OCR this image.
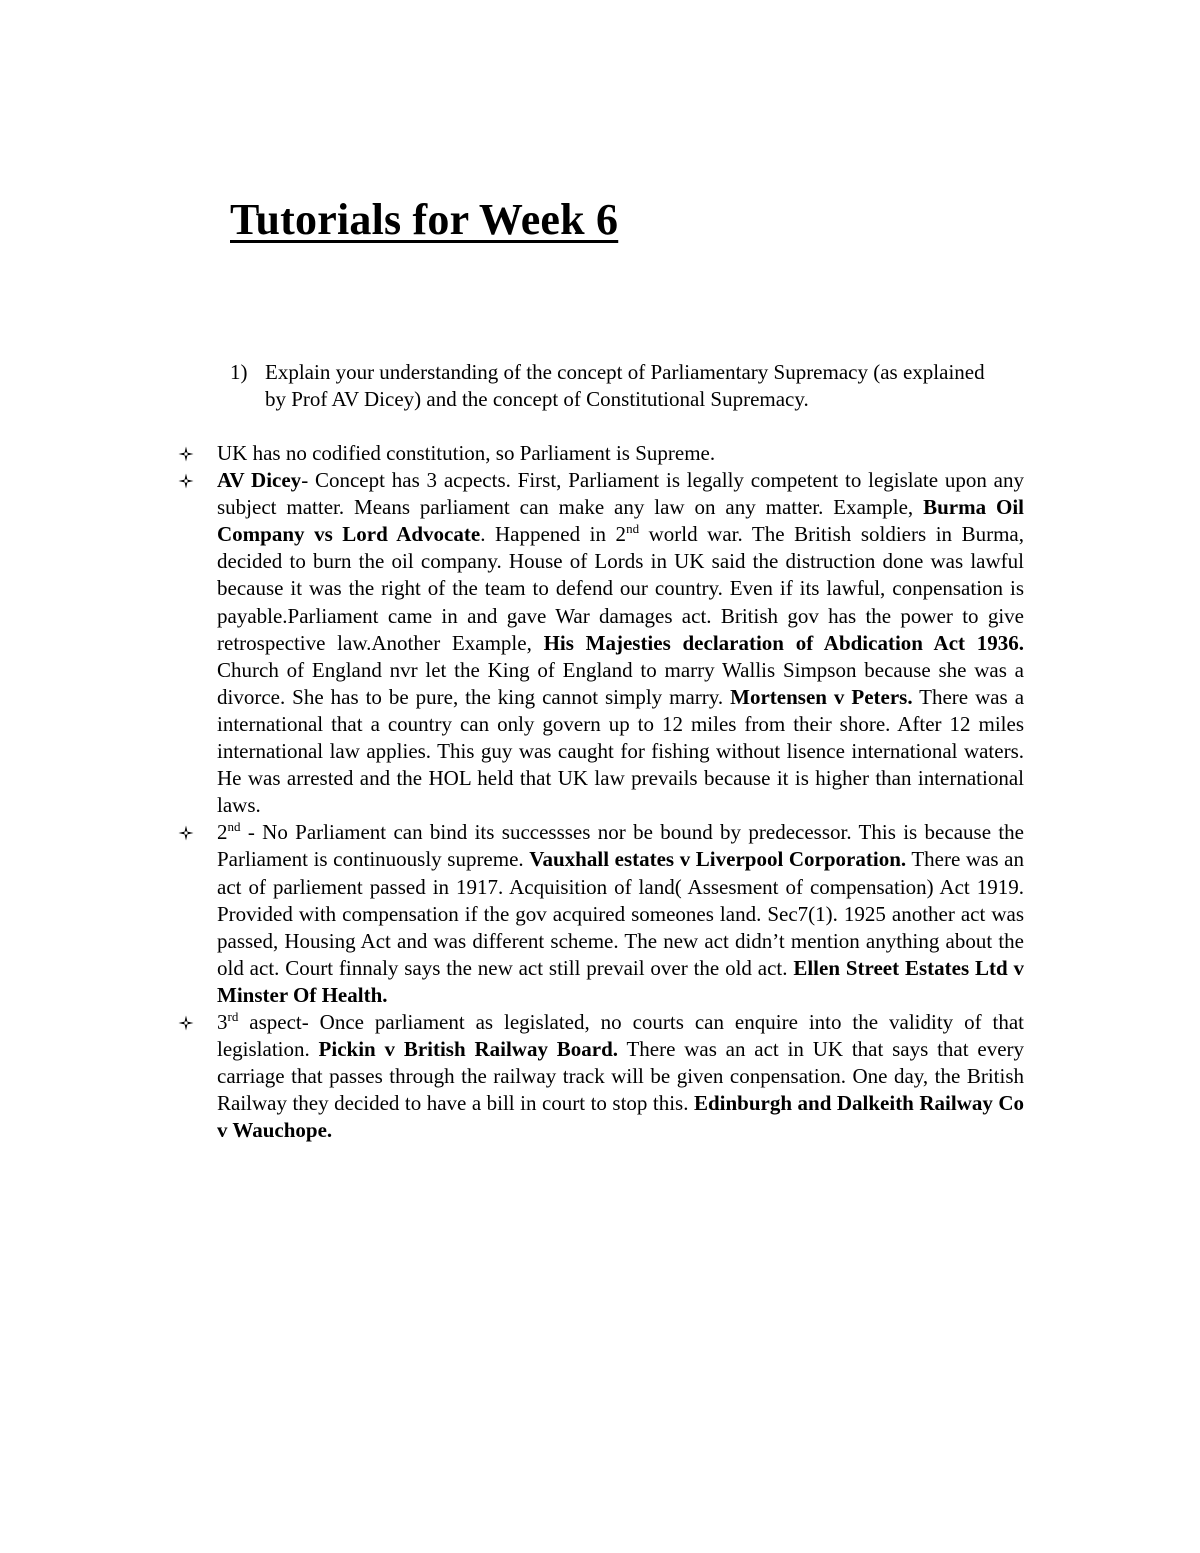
Tutorials for Week 6
1) Explain your understanding of the concept of Parliamentary Supremacy (as explained by Prof AV Dicey) and the concept of Constitutional Supremacy.
UK has no codified constitution, so Parliament is Supreme.
AV Dicey- Concept has 3 acpects. First, Parliament is legally competent to legislate upon any subject matter. Means parliament can make any law on any matter. Example, Burma Oil Company vs Lord Advocate. Happened in 2nd world war. The British soldiers in Burma, decided to burn the oil company. House of Lords in UK said the distruction done was lawful because it was the right of the team to defend our country. Even if its lawful, conpensation is payable.Parliament came in and gave War damages act. British gov has the power to give retrospective law.Another Example, His Majesties declaration of Abdication Act 1936. Church of England nvr let the King of England to marry Wallis Simpson because she was a divorce. She has to be pure, the king cannot simply marry. Mortensen v Peters. There was a international that a country can only govern up to 12 miles from their shore. After 12 miles international law applies. This guy was caught for fishing without lisence international waters. He was arrested and the HOL held that UK law prevails because it is higher than international laws.
2nd - No Parliament can bind its successses nor be bound by predecessor. This is because the Parliament is continuously supreme. Vauxhall estates v Liverpool Corporation. There was an act of parliement passed in 1917. Acquisition of land( Assesment of compensation) Act 1919. Provided with compensation if the gov acquired someones land. Sec7(1). 1925 another act was passed, Housing Act and was different scheme. The new act didn’t mention anything about the old act. Court finnaly says the new act still prevail over the old act. Ellen Street Estates Ltd v Minster Of Health.
3rd aspect- Once parliament as legislated, no courts can enquire into the validity of that legislation. Pickin v British Railway Board. There was an act in UK that says that every carriage that passes through the railway track will be given conpensation. One day, the British Railway they decided to have a bill in court to stop this. Edinburgh and Dalkeith Railway Co v Wauchope.
